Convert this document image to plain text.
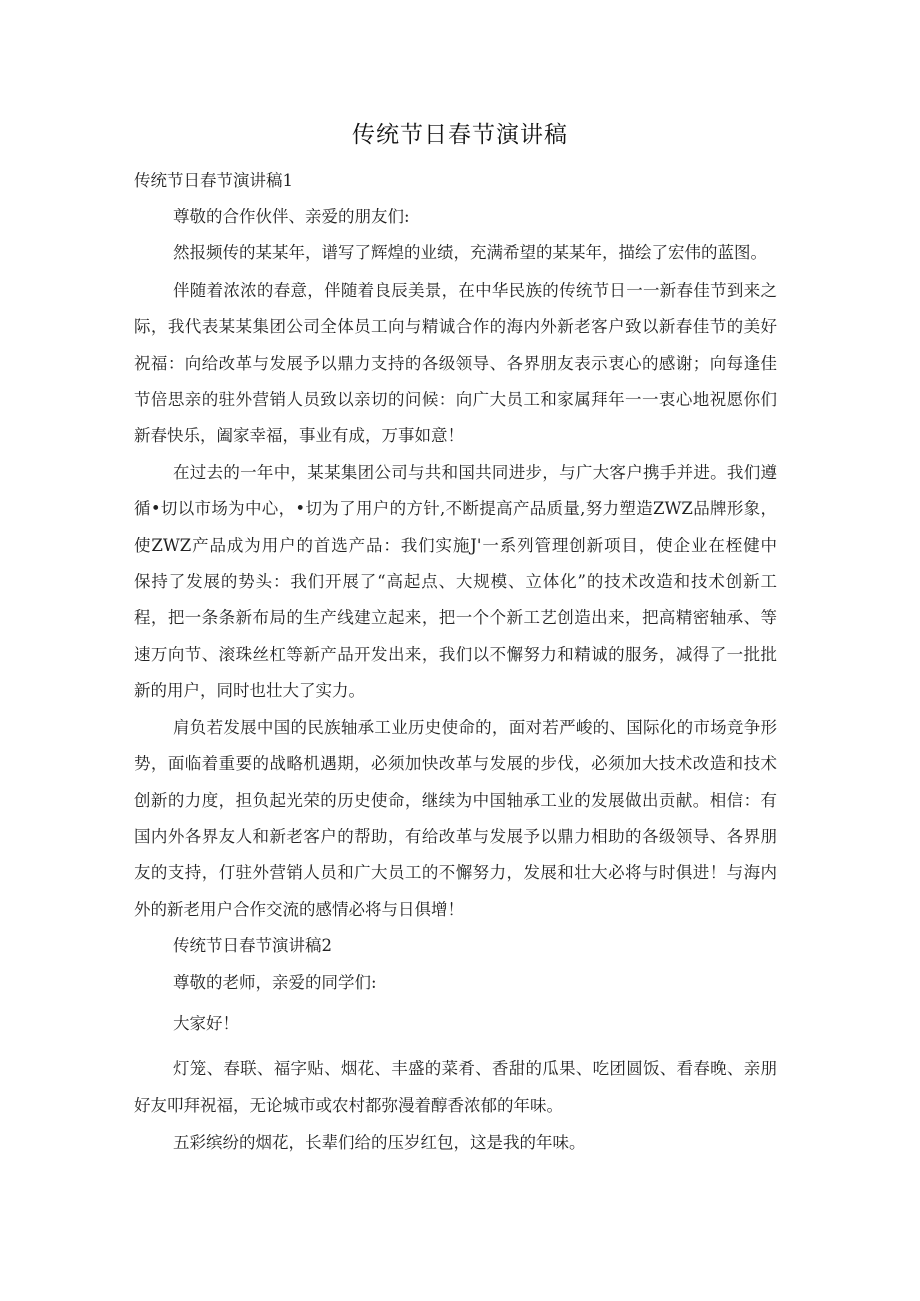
传统节日春节演讲稿
传统节日春节演讲稿1
尊敬的合作伙伴、亲爱的朋友们:
然报频传的某某年，谱写了辉煌的业绩，充满希望的某某年，描绘了宏伟的蓝图。
伴随着浓浓的春意，伴随着良辰美景，在中华民族的传统节日一一新春佳节到来之
际，我代表某某集团公司全体员工向与精诚合作的海内外新老客户致以新春佳节的美好
祝福：向给改革与发展予以鼎力支持的各级领导、各界朋友表示衷心的感谢；向每逢佳
节倍思亲的驻外营销人员致以亲切的问候：向广大员工和家属拜年一一衷心地祝愿你们
新春快乐，阖家幸福，事业有成，万事如意！
在过去的一年中，某某集团公司与共和国共同进步，与广大客户携手并进。我们遵
循•切以市场为中心，•切为了用户的方针,不断提高产品质量,努力塑造ZWZ品牌形象，
使ZWZ产品成为用户的首选产品：我们实施J'一系列管理创新项目，使企业在桎健中
保持了发展的势头：我们开展了“高起点、大规模、立体化”的技术改造和技术创新工
程，把一条条新布局的生产线建立起来，把一个个新工艺创造出来，把高精密轴承、等
速万向节、滚珠丝杠等新产品开发出来，我们以不懈努力和精诚的服务，减得了一批批
新的用户，同时也壮大了实力。
肩负若发展中国的民族轴承工业历史使命的，面对若严峻的、国际化的市场竞争形
势，面临着重要的战略机遇期，必须加快改革与发展的步伐，必须加大技术改造和技术
创新的力度，担负起光荣的历史使命，继续为中国轴承工业的发展做出贡献。相信：有
国内外各界友人和新老客户的帮助，有给改革与发展予以鼎力相助的各级领导、各界朋
友的支持，仃驻外营销人员和广大员工的不懈努力，发展和壮大必将与时俱进！与海内
外的新老用户合作交流的感情必将与日俱增！
传统节日春节演讲稿2
尊敬的老师，亲爱的同学们:
大家好！
灯笼、春联、福字贴、烟花、丰盛的菜肴、香甜的瓜果、吃团圆饭、看春晚、亲朋
好友叩拜祝福，无论城市或农村都弥漫着醇香浓郁的年味。
五彩缤纷的烟花，长辈们给的压岁红包，这是我的年味。
